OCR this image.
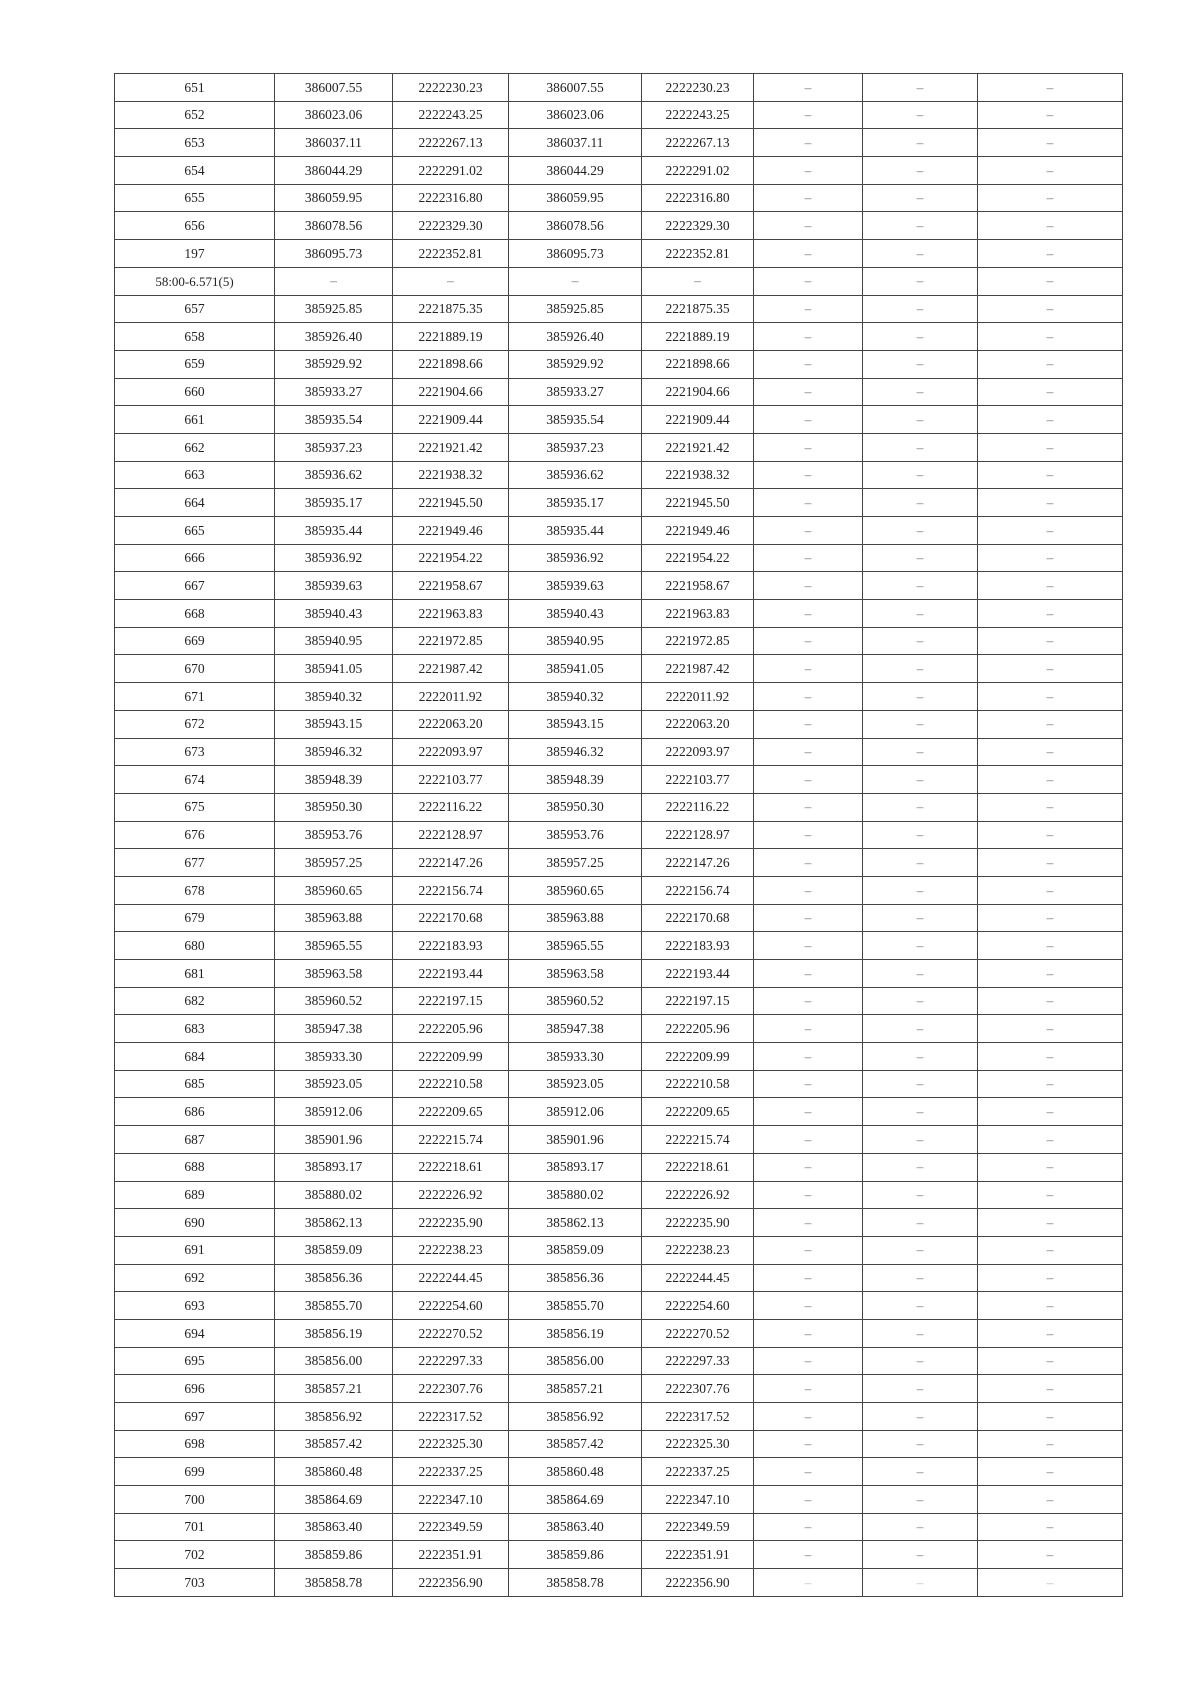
651	386007.55	2222230.23	386007.55	2222230.23	–	–	–
652	386023.06	2222243.25	386023.06	2222243.25	–	–	–
653	386037.11	2222267.13	386037.11	2222267.13	–	–	–
654	386044.29	2222291.02	386044.29	2222291.02	–	–	–
655	386059.95	2222316.80	386059.95	2222316.80	–	–	–
656	386078.56	2222329.30	386078.56	2222329.30	–	–	–
197	386095.73	2222352.81	386095.73	2222352.81	–	–	–
58:00-6.571(5)	–	–	–	–	–	–	–
657	385925.85	2221875.35	385925.85	2221875.35	–	–	–
658	385926.40	2221889.19	385926.40	2221889.19	–	–	–
659	385929.92	2221898.66	385929.92	2221898.66	–	–	–
660	385933.27	2221904.66	385933.27	2221904.66	–	–	–
661	385935.54	2221909.44	385935.54	2221909.44	–	–	–
662	385937.23	2221921.42	385937.23	2221921.42	–	–	–
663	385936.62	2221938.32	385936.62	2221938.32	–	–	–
664	385935.17	2221945.50	385935.17	2221945.50	–	–	–
665	385935.44	2221949.46	385935.44	2221949.46	–	–	–
666	385936.92	2221954.22	385936.92	2221954.22	–	–	–
667	385939.63	2221958.67	385939.63	2221958.67	–	–	–
668	385940.43	2221963.83	385940.43	2221963.83	–	–	–
669	385940.95	2221972.85	385940.95	2221972.85	–	–	–
670	385941.05	2221987.42	385941.05	2221987.42	–	–	–
671	385940.32	2222011.92	385940.32	2222011.92	–	–	–
672	385943.15	2222063.20	385943.15	2222063.20	–	–	–
673	385946.32	2222093.97	385946.32	2222093.97	–	–	–
674	385948.39	2222103.77	385948.39	2222103.77	–	–	–
675	385950.30	2222116.22	385950.30	2222116.22	–	–	–
676	385953.76	2222128.97	385953.76	2222128.97	–	–	–
677	385957.25	2222147.26	385957.25	2222147.26	–	–	–
678	385960.65	2222156.74	385960.65	2222156.74	–	–	–
679	385963.88	2222170.68	385963.88	2222170.68	–	–	–
680	385965.55	2222183.93	385965.55	2222183.93	–	–	–
681	385963.58	2222193.44	385963.58	2222193.44	–	–	–
682	385960.52	2222197.15	385960.52	2222197.15	–	–	–
683	385947.38	2222205.96	385947.38	2222205.96	–	–	–
684	385933.30	2222209.99	385933.30	2222209.99	–	–	–
685	385923.05	2222210.58	385923.05	2222210.58	–	–	–
686	385912.06	2222209.65	385912.06	2222209.65	–	–	–
687	385901.96	2222215.74	385901.96	2222215.74	–	–	–
688	385893.17	2222218.61	385893.17	2222218.61	–	–	–
689	385880.02	2222226.92	385880.02	2222226.92	–	–	–
690	385862.13	2222235.90	385862.13	2222235.90	–	–	–
691	385859.09	2222238.23	385859.09	2222238.23	–	–	–
692	385856.36	2222244.45	385856.36	2222244.45	–	–	–
693	385855.70	2222254.60	385855.70	2222254.60	–	–	–
694	385856.19	2222270.52	385856.19	2222270.52	–	–	–
695	385856.00	2222297.33	385856.00	2222297.33	–	–	–
696	385857.21	2222307.76	385857.21	2222307.76	–	–	–
697	385856.92	2222317.52	385856.92	2222317.52	–	–	–
698	385857.42	2222325.30	385857.42	2222325.30	–	–	–
699	385860.48	2222337.25	385860.48	2222337.25	–	–	–
700	385864.69	2222347.10	385864.69	2222347.10	–	–	–
701	385863.40	2222349.59	385863.40	2222349.59	–	–	–
702	385859.86	2222351.91	385859.86	2222351.91	–	–	–
703	385858.78	2222356.90	385858.78	2222356.90	–	–	–
